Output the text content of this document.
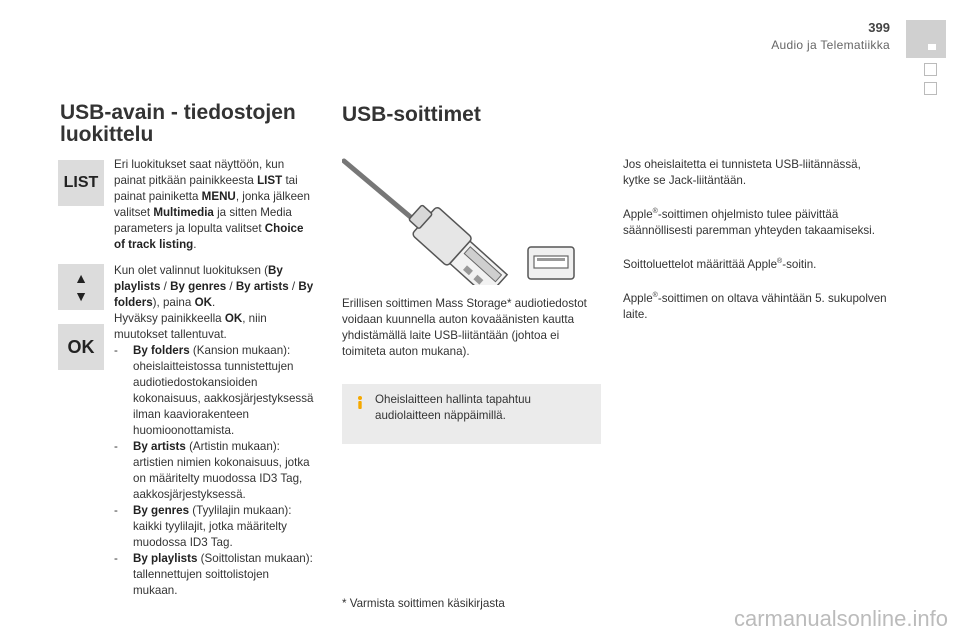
399
Audio ja Telematiikka
USB-avain - tiedostojen luokittelu
LIST
▲
▼
OK

Eri luokitukset saat näyttöön, kun painat pitkään painikkeesta LIST tai painat painiketta MENU, jonka jälkeen valitset Multimedia ja sitten Media parameters ja lopulta valitset Choice of track listing.

Kun olet valinnut luokituksen (By playlists / By genres / By artists / By folders), paina OK.
Hyväksy painikkeella OK, niin muutokset tallentuvat.

- By folders (Kansion mukaan): oheislaitteistossa tunnistettujen audiotiedostokansioiden kokonaisuus, aakkosjärjestyksessä ilman kaaviorakenteen huomioonottamista.
- By artists (Artistin mukaan): artistien nimien kokonaisuus, jotka on määritelty muodossa ID3 Tag, aakkosjärjestyksessä.
- By genres (Tyylilajin mukaan): kaikki tyylilajit, jotka määritelty muodossa ID3 Tag.
- By playlists (Soittolistan mukaan): tallennettujen soittolistojen mukaan.
USB-soittimet
Erillisen soittimen Mass Storage* audiotiedostot voidaan kuunnella auton kovaäänisten kautta yhdistämällä laite USB-liitäntään (johtoa ei toimiteta auton mukana).
Oheislaitteen hallinta tapahtuu audiolaitteen näppäimillä.
* Varmista soittimen käsikirjasta

Jos oheislaitetta ei tunnisteta USB-liitännässä, kytke se Jack-liitäntään.

Apple®-soittimen ohjelmisto tulee päivittää säännöllisesti paremman yhteyden takaamiseksi.

Soittoluettelot määrittää Apple®-soitin.

Apple®-soittimen on oltava vähintään 5. sukupolven laite.

carmanualsonline.info
